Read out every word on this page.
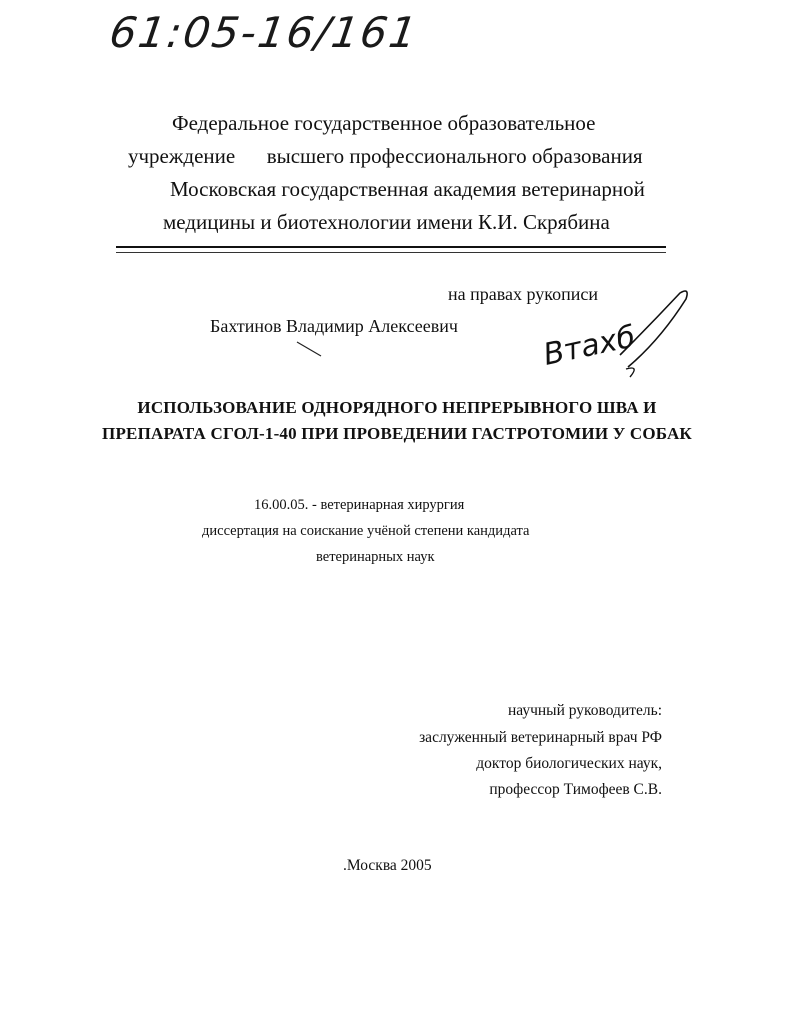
61:05-16/161
Федеральное государственное образовательное
учреждение      высшего профессионального образования
Московская государственная академия ветеринарной
медицины и биотехнологии имени К.И. Скрябина
на правах рукописи
Бахтинов Владимир Алексеевич	Втахб
ИСПОЛЬЗОВАНИЕ ОДНОРЯДНОГО НЕПРЕРЫВНОГО ШВА И
ПРЕПАРАТА СГОЛ-1-40 ПРИ ПРОВЕДЕНИИ ГАСТРОТОМИИ У СОБАК
16.00.05. - ветеринарная хирургия
диссертация на соискание учёной степени кандидата
ветеринарных наук
научный руководитель:
заслуженный ветеринарный врач РФ
доктор биологических наук,
профессор Тимофеев С.В.
.Москва 2005
